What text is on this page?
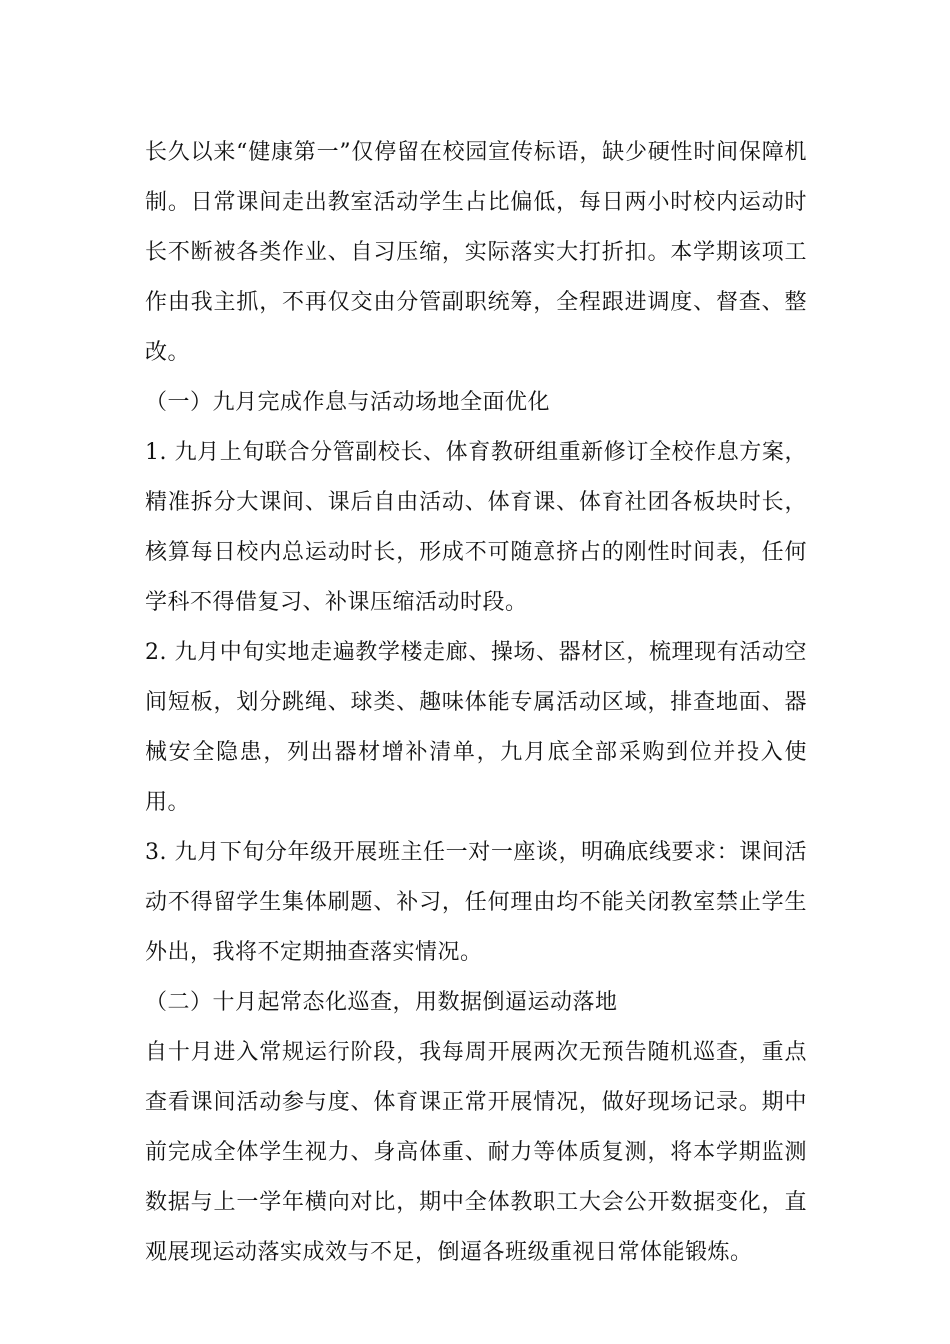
长久以来“健康第一”仅停留在校园宣传标语，缺少硬性时间保障机制。日常课间走出教室活动学生占比偏低，每日两小时校内运动时长不断被各类作业、自习压缩，实际落实大打折扣。本学期该项工作由我主抓，不再仅交由分管副职统筹，全程跟进调度、督查、整改。

（一）九月完成作息与活动场地全面优化

1. 九月上旬联合分管副校长、体育教研组重新修订全校作息方案，精准拆分大课间、课后自由活动、体育课、体育社团各板块时长，核算每日校内总运动时长，形成不可随意挤占的刚性时间表，任何学科不得借复习、补课压缩活动时段。

2. 九月中旬实地走遍教学楼走廊、操场、器材区，梳理现有活动空间短板，划分跳绳、球类、趣味体能专属活动区域，排查地面、器械安全隐患，列出器材增补清单，九月底全部采购到位并投入使用。

3. 九月下旬分年级开展班主任一对一座谈，明确底线要求：课间活动不得留学生集体刷题、补习，任何理由均不能关闭教室禁止学生外出，我将不定期抽查落实情况。

（二）十月起常态化巡查，用数据倒逼运动落地

自十月进入常规运行阶段，我每周开展两次无预告随机巡查，重点查看课间活动参与度、体育课正常开展情况，做好现场记录。期中前完成全体学生视力、身高体重、耐力等体质复测，将本学期监测数据与上一学年横向对比，期中全体教职工大会公开数据变化，直观展现运动落实成效与不足，倒逼各班级重视日常体能锻炼。
